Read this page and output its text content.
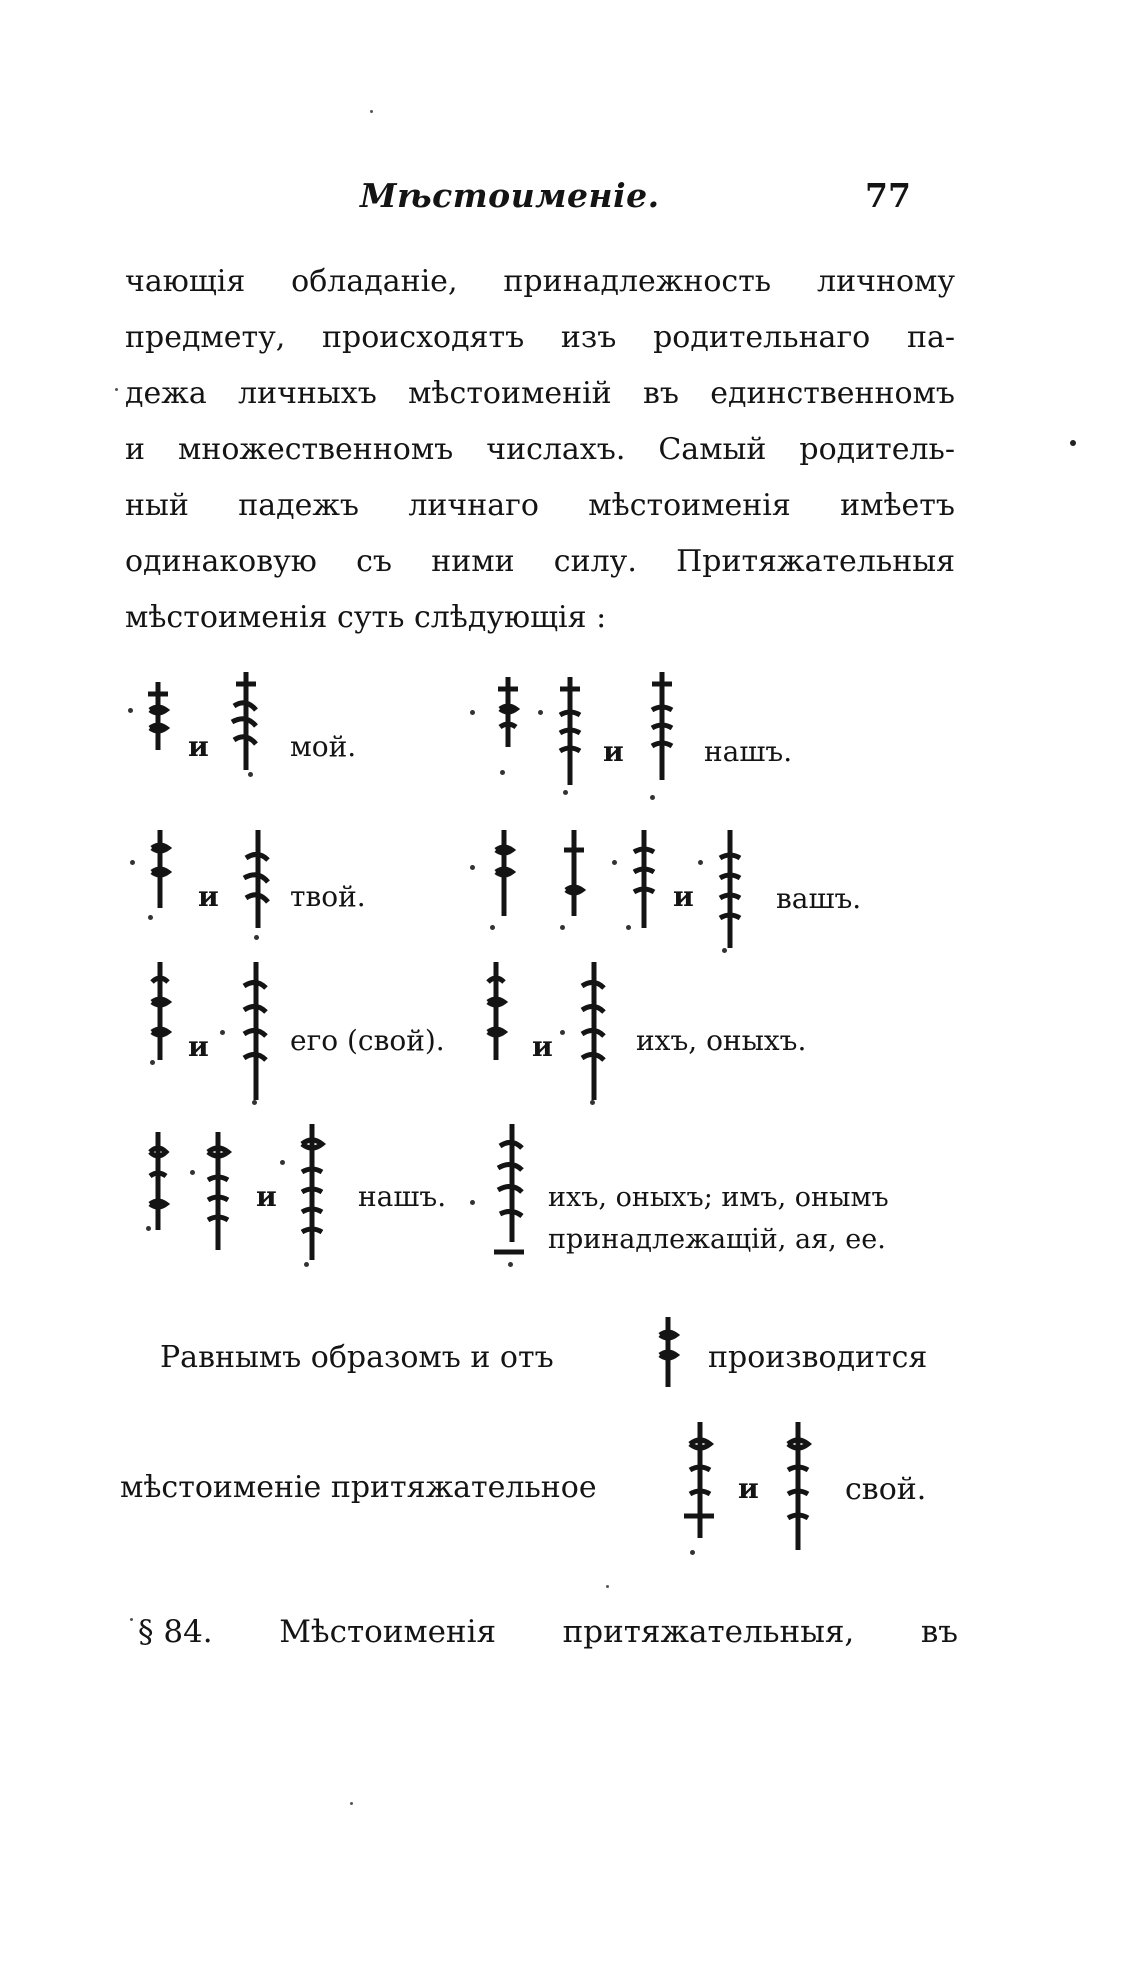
Мѣстоименіе.	77
чающія обладаніе, принадлежность личному
предмету, происходятъ изъ родительнаго па-
дежа личныхъ мѣстоименій въ единственномъ
и множественномъ числахъ. Самый родитель-
ный падежъ личнаго мѣстоименія имѣетъ
одинаковую съ ними силу. Притяжательныя
мѣстоименія суть слѣдующія :
и	мой.	и	нашъ.
и	твой.	и	вашъ.
и	его (свой).	и	ихъ, оныхъ.
и	нашъ.	ихъ, оныхъ; имъ, онымъ
принадлежащій, ая, ее.
Равнымъ образомъ и отъ	производится
мѣстоименіе притяжательное	и	свой.
§ 84. Мѣстоименія притяжательныя, въ
